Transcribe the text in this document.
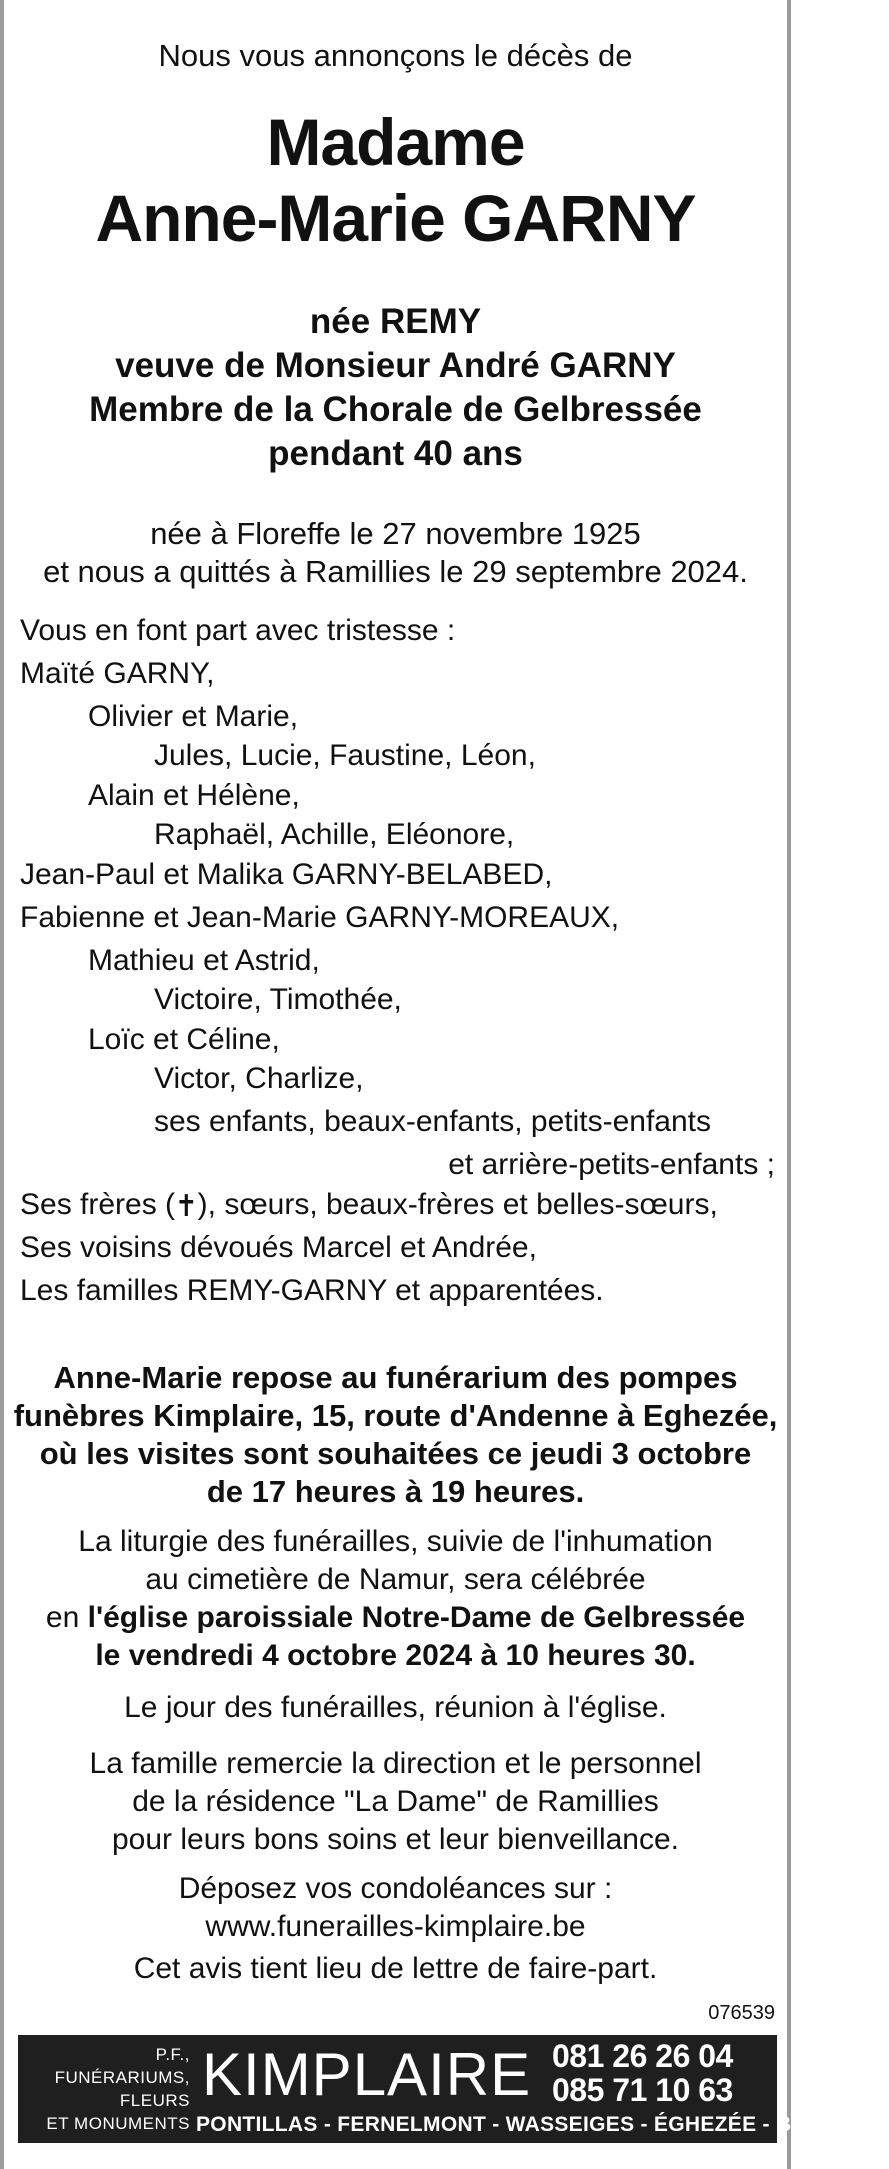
Nous vous annonçons le décès de
Madame
Anne-Marie GARNY
née REMY
veuve de Monsieur André GARNY
Membre de la Chorale de Gelbressée
pendant 40 ans
née à Floreffe le 27 novembre 1925
et nous a quittés à Ramillies le 29 septembre 2024.
Vous en font part avec tristesse :
Maïté GARNY,
Olivier et Marie,
Jules, Lucie, Faustine, Léon,
Alain et Hélène,
Raphaël, Achille, Eléonore,
Jean-Paul et Malika GARNY-BELABED,
Fabienne et Jean-Marie GARNY-MOREAUX,
Mathieu et Astrid,
Victoire, Timothée,
Loïc et Céline,
Victor, Charlize,
ses enfants, beaux-enfants, petits-enfants
et arrière-petits-enfants ;
Ses frères (✝), sœurs, beaux-frères et belles-sœurs,
Ses voisins dévoués Marcel et Andrée,
Les familles REMY-GARNY et apparentées.
Anne-Marie repose au funérarium des pompes
funèbres Kimplaire, 15, route d'Andenne à Eghezée,
où les visites sont souhaitées ce jeudi 3 octobre
de 17 heures à 19 heures.
La liturgie des funérailles, suivie de l'inhumation
au cimetière de Namur, sera célébrée
en l'église paroissiale Notre-Dame de Gelbressée
le vendredi 4 octobre 2024 à 10 heures 30.
Le jour des funérailles, réunion à l'église.
La famille remercie la direction et le personnel
de la résidence "La Dame" de Ramillies
pour leurs bons soins et leur bienveillance.
Déposez vos condoléances sur :
www.funerailles-kimplaire.be
Cet avis tient lieu de lettre de faire-part.
076539
P.F.,
FUNÉRARIUMS,
FLEURS
ET MONUMENTS
KIMPLAIRE 081 26 26 04
085 71 10 63
PONTILLAS - FERNELMONT - WASSEIGES - ÉGHEZÉE - BURDINNE
